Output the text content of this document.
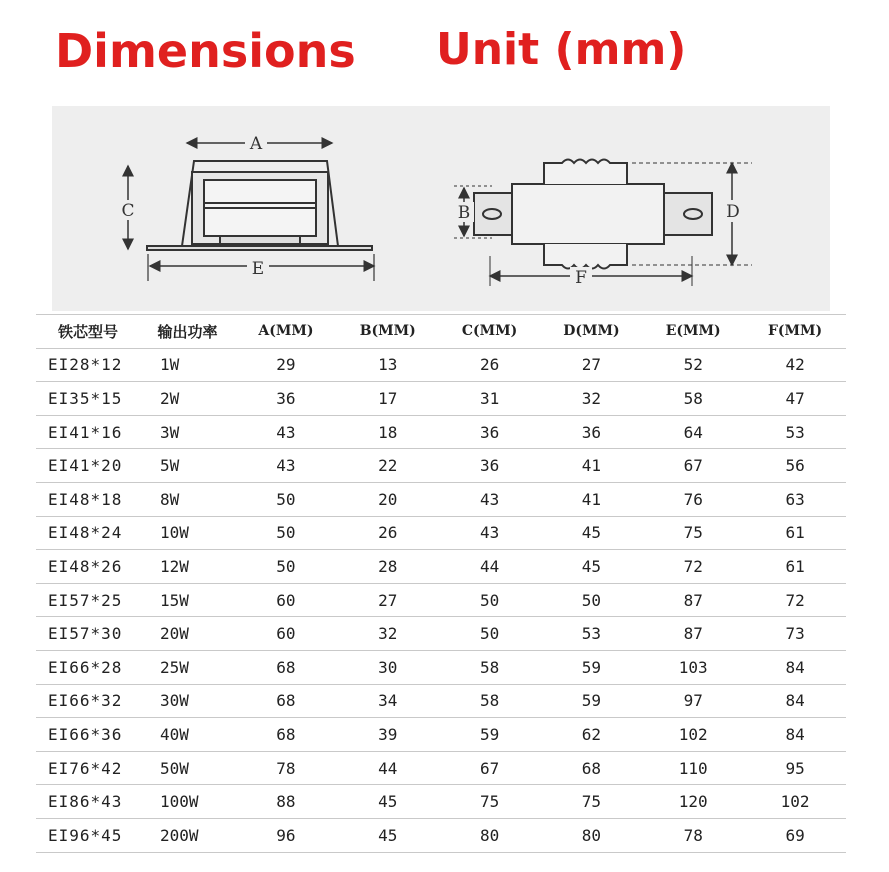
Dimensions Unit (mm)
A
C
E
B	D
F
铁芯型号	输出功率	A(MM)	B(MM)	C(MM)	D(MM)	E(MM)	F(MM)
EI28*12	1W	29	13	26	27	52	42
EI35*15	2W	36	17	31	32	58	47
EI41*16	3W	43	18	36	36	64	53
EI41*20	5W	43	22	36	41	67	56
EI48*18	8W	50	20	43	41	76	63
EI48*24	10W	50	26	43	45	75	61
EI48*26	12W	50	28	44	45	72	61
EI57*25	15W	60	27	50	50	87	72
EI57*30	20W	60	32	50	53	87	73
EI66*28	25W	68	30	58	59	103	84
EI66*32	30W	68	34	58	59	97	84
EI66*36	40W	68	39	59	62	102	84
EI76*42	50W	78	44	67	68	110	95
EI86*43	100W	88	45	75	75	120	102
EI96*45	200W	96	45	80	80	78	69
